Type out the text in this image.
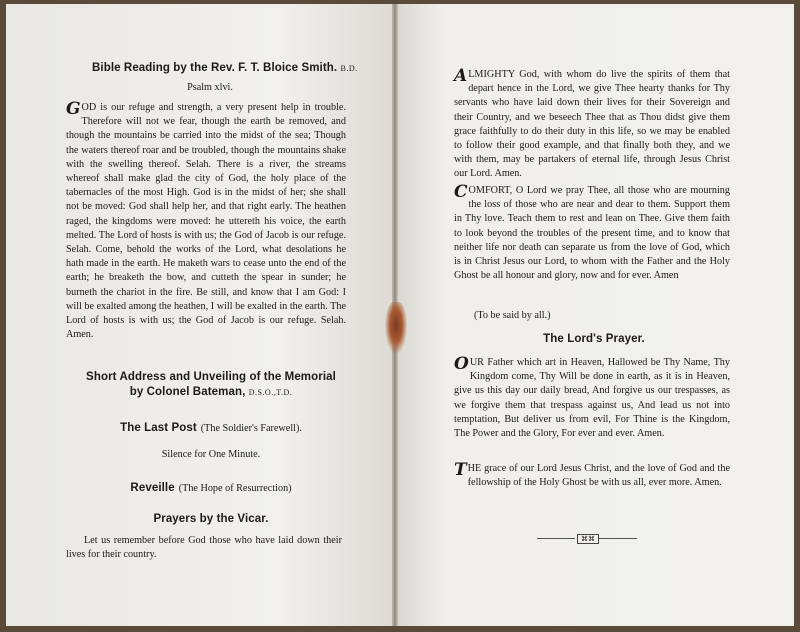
Bible Reading by the Rev. F. T. Bloice Smith. B.D.
Psalm xlvi.
GOD is our refuge and strength, a very present help in trouble. Therefore will not we fear, though the earth be removed, and though the mountains be carried into the midst of the sea; Though the waters thereof roar and be troubled, though the mountains shake with the swelling thereof. Selah. There is a river, the streams whereof shall make glad the city of God, the holy place of the tabernacles of the most High. God is in the midst of her; she shall not be moved: God shall help her, and that right early. The heathen raged, the kingdoms were moved: he uttereth his voice, the earth melted. The Lord of hosts is with us; the God of Jacob is our refuge. Selah. Come, behold the works of the Lord, what desolations he hath made in the earth. He maketh wars to cease unto the end of the earth; he breaketh the bow, and cutteth the spear in sunder; he burneth the chariot in the fire. Be still, and know that I am God: I will be exalted among the heathen, I will be exalted in the earth. The Lord of hosts is with us; the God of Jacob is our refuge. Selah. Amen.
Short Address and Unveiling of the Memorial
by Colonel Bateman, D.S.O.,T.D.
The Last Post (The Soldier's Farewell).
Silence for One Minute.
Reveille (The Hope of Resurrection)
Prayers by the Vicar.
Let us remember before God those who have laid down their lives for their country.
ALMIGHTY God, with whom do live the spirits of them that depart hence in the Lord, we give Thee hearty thanks for Thy servants who have laid down their lives for their Sovereign and their Country, and we beseech Thee that as Thou didst give them grace faithfully to do their duty in this life, so we may be enabled to follow their good example, and that finally both they, and we with them, may be partakers of eternal life, through Jesus Christ our Lord. Amen.
COMFORT, O Lord we pray Thee, all those who are mourning the loss of those who are near and dear to them. Support them in Thy love. Teach them to rest and lean on Thee. Give them faith to look beyond the troubles of the present time, and to know that neither life nor death can separate us from the love of God, which is in Christ Jesus our Lord, to whom with the Father and the Holy Ghost be all honour and glory, now and for ever. Amen
(To be said by all.)
The Lord's Prayer.
OUR Father which art in Heaven, Hallowed be Thy Name, Thy Kingdom come, Thy Will be done in earth, as it is in Heaven, give us this day our daily bread, And forgive us our trespasses, as we forgive them that trespass against us, And lead us not into temptation, But deliver us from evil, For Thine is the Kingdom, The Power and the Glory, For ever and ever. Amen.
THE grace of our Lord Jesus Christ, and the love of God and the fellowship of the Holy Ghost be with us all, ever more. Amen.
⌘⌘
